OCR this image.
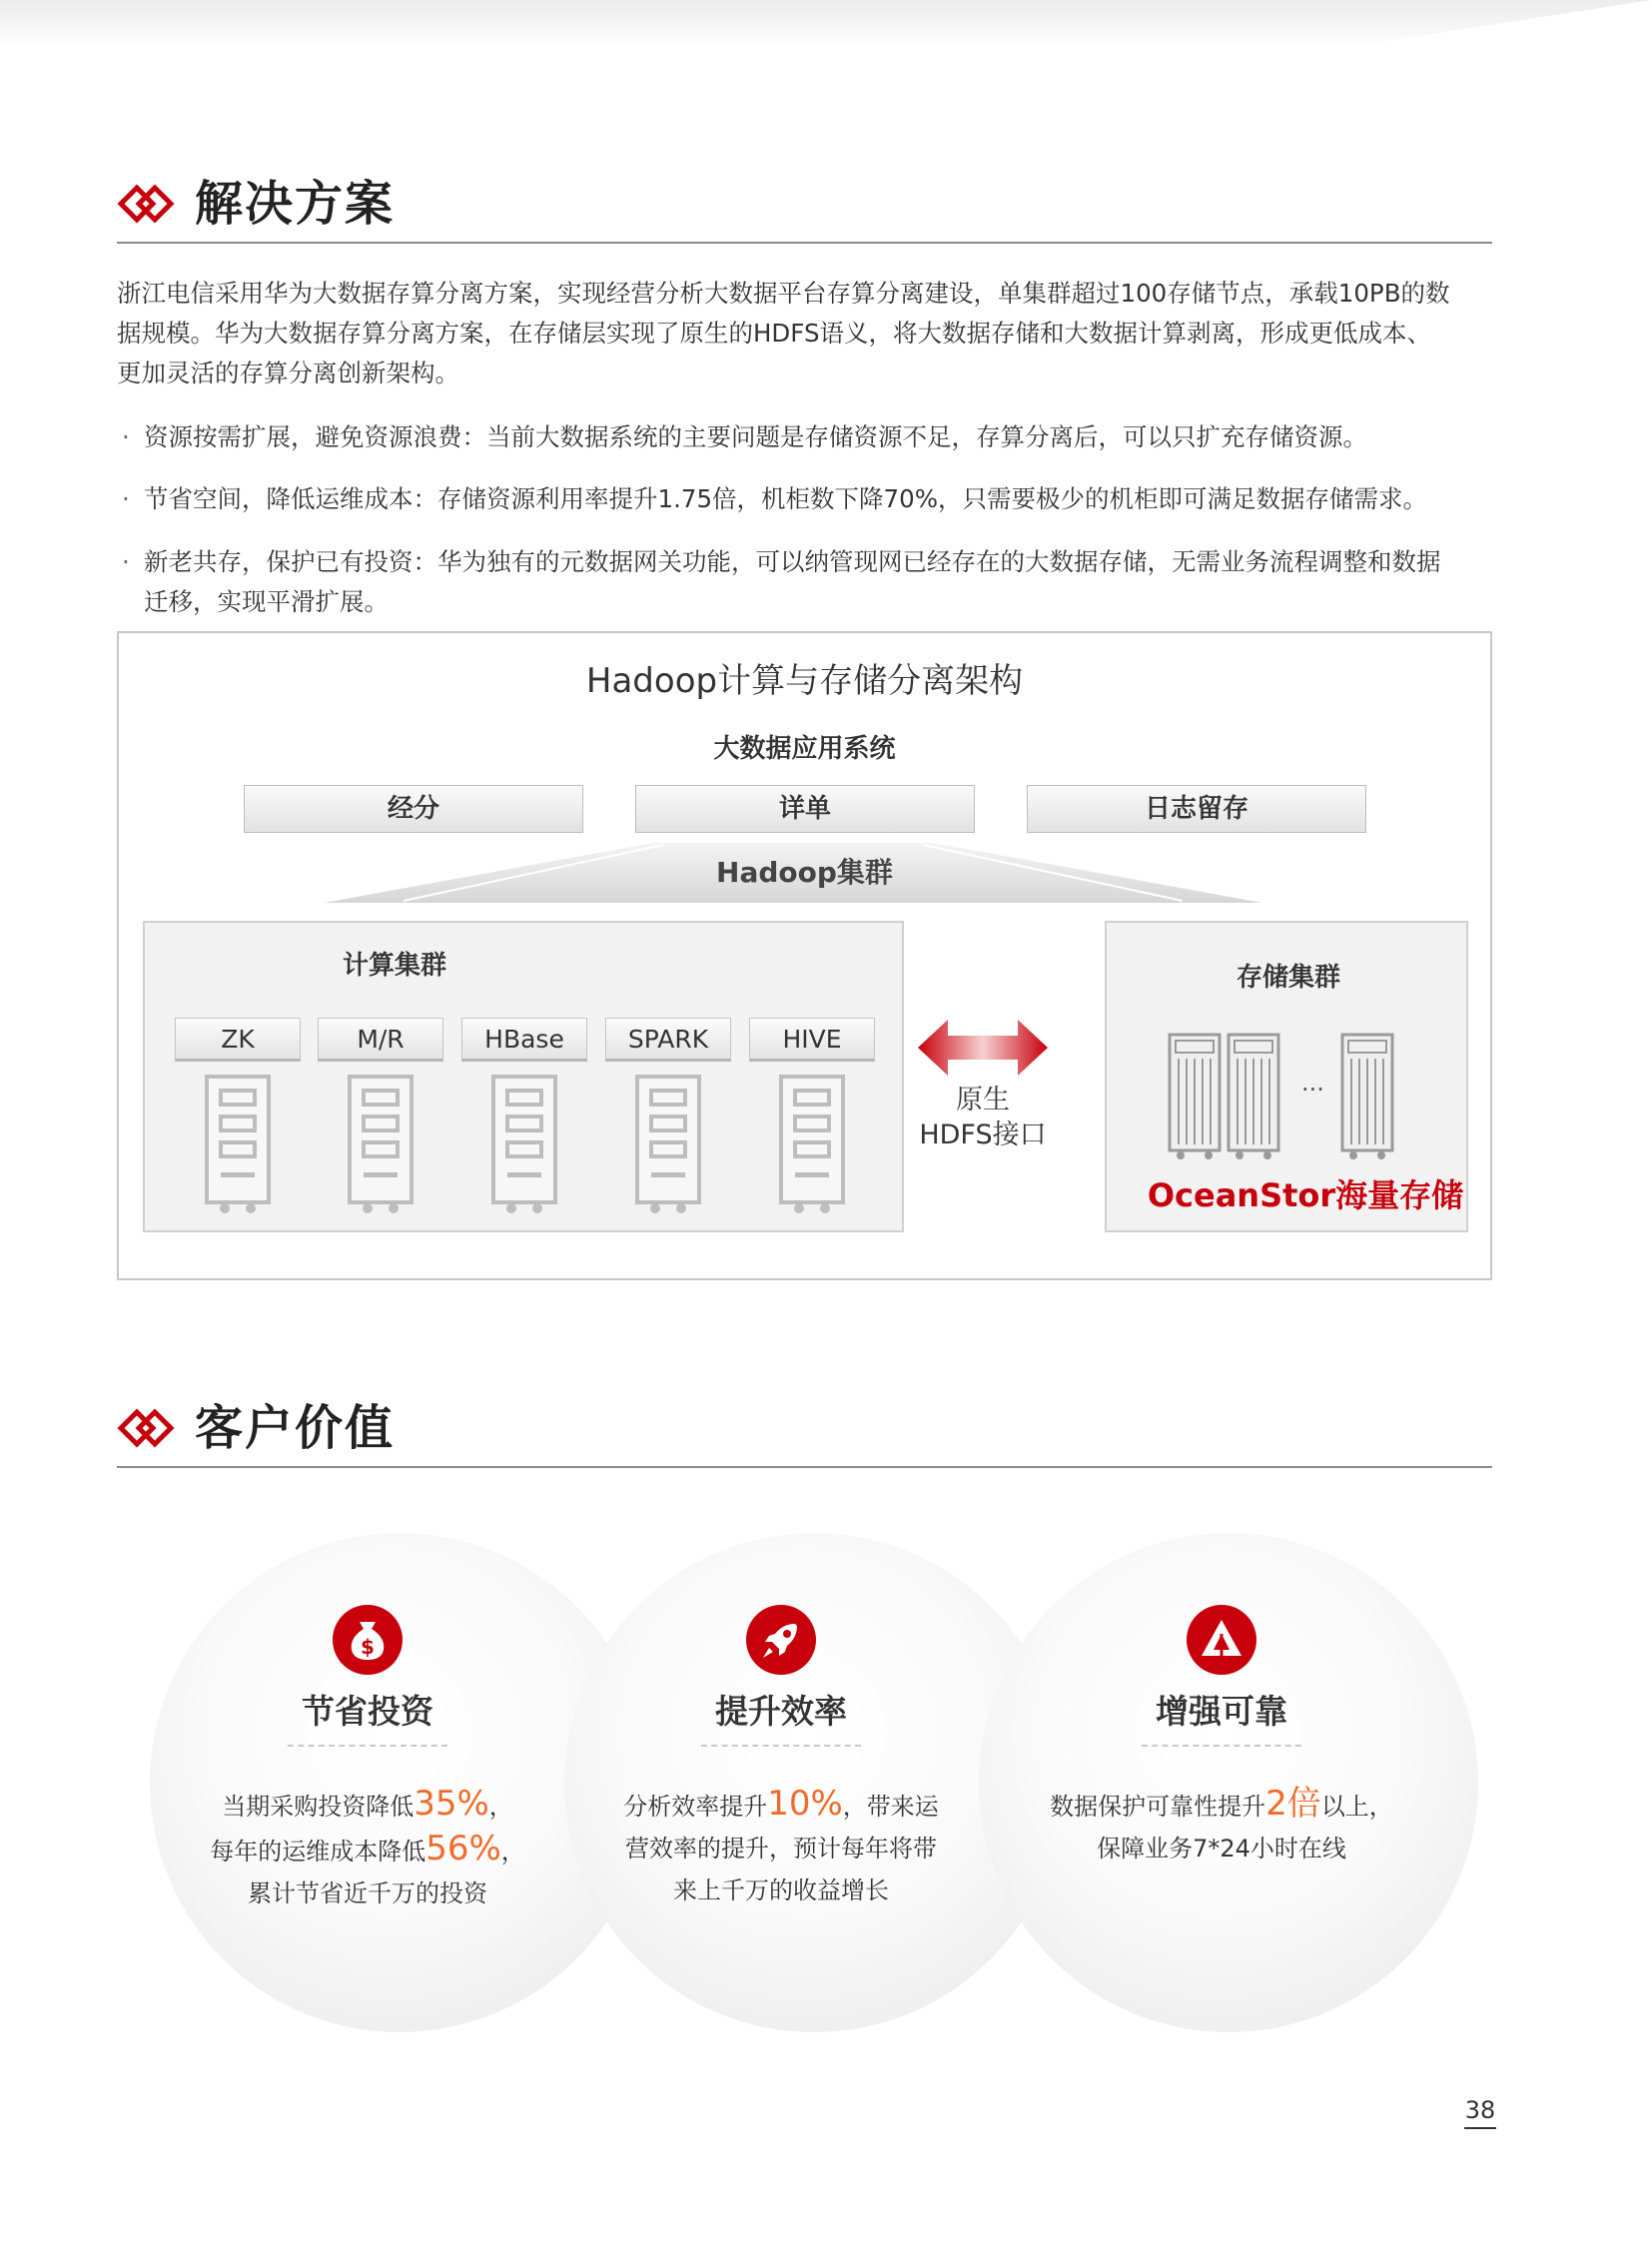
解决方案
浙江电信采用华为大数据存算分离方案，实现经营分析大数据平台存算分离建设，单集群超过100存储节点，承载10PB的数
据规模。华为大数据存算分离方案，在存储层实现了原生的HDFS语义，将大数据存储和大数据计算剥离，形成更低成本、
更加灵活的存算分离创新架构。
· 资源按需扩展，避免资源浪费：当前大数据系统的主要问题是存储资源不足，存算分离后，可以只扩充存储资源。
· 节省空间，降低运维成本：存储资源利用率提升1.75倍，机柜数下降70%，只需要极少的机柜即可满足数据存储需求。
· 新老共存，保护已有投资：华为独有的元数据网关功能，可以纳管现网已经存在的大数据存储，无需业务流程调整和数据
迁移，实现平滑扩展。
Hadoop计算与存储分离架构
大数据应用系统
经分	详单	日志留存
Hadoop集群
计算集群
ZK	M/R	HBase	SPARK	HIVE
原生
HDFS接口
存储集群
...
OceanStor海量存储
客户价值
$
节省投资
当期采购投资降低35%，
每年的运维成本降低56%，
累计节省近千万的投资
提升效率
分析效率提升10%，带来运
营效率的提升，预计每年将带
来上千万的收益增长
增强可靠
数据保护可靠性提升2倍以上，
保障业务7*24小时在线
38
